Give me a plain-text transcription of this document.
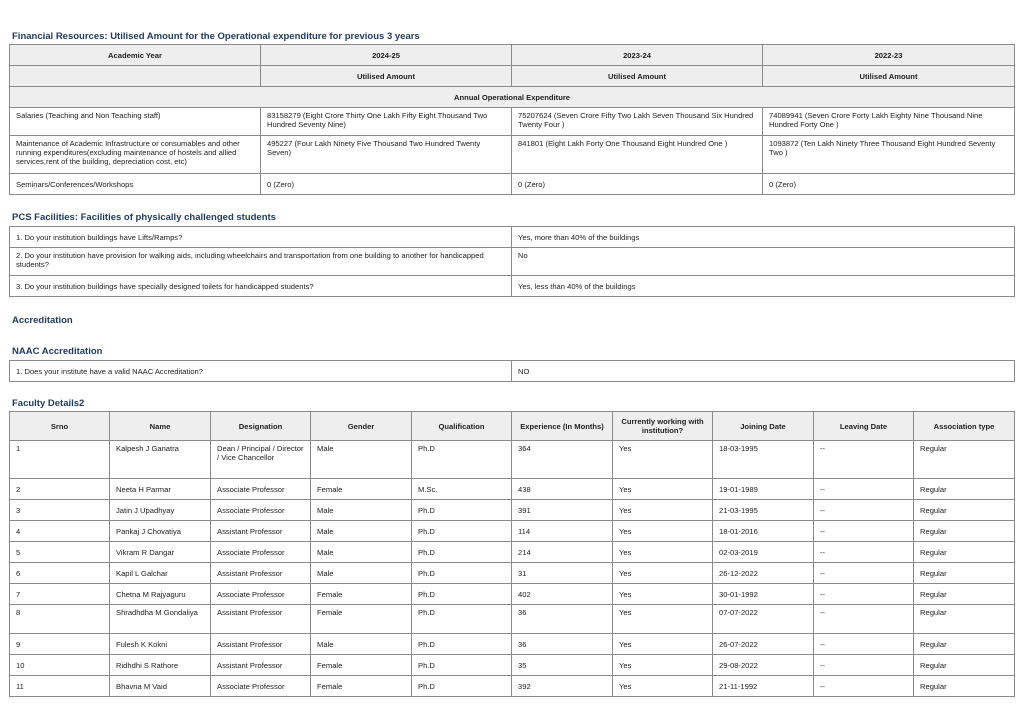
Financial Resources: Utilised Amount for the Operational expenditure for previous 3 years
Academic Year	2024-25	2023-24	2022-23
	Utilised Amount	Utilised Amount	Utilised Amount
Annual Operational Expenditure			
Salaries (Teaching and Non Teaching staff)	83158279 (Eight Crore Thirty One Lakh Fifty Eight Thousand Two Hundred Seventy Nine)	75207624 (Seven Crore Fifty Two Lakh Seven Thousand Six Hundred Twenty Four )	74089941 (Seven Crore Forty Lakh Eighty Nine Thousand Nine Hundred Forty One )
Maintenance of Academic Infrastructure or consumables and other running expenditures(excluding maintenance of hostels and allied services,rent of the building, depreciation cost, etc)	495227 (Four Lakh Ninety Five Thousand Two Hundred Twenty Seven)	841801 (Eight Lakh Forty One Thousand Eight Hundred One )	1093872 (Ten Lakh Ninety Three Thousand Eight Hundred Seventy Two )
Seminars/Conferences/Workshops	0 (Zero)	0 (Zero)	0 (Zero)
PCS Facilities: Facilities of physically challenged students
1. Do your institution buildings have Lifts/Ramps?	Yes, more than 40% of the buildings
2. Do your institution have provision for walking aids, including wheelchairs and transportation from one building to another for handicapped students?	No
3. Do your institution buildings have specially designed toilets for handicapped students?	Yes, less than 40% of the buildings
Accreditation
NAAC Accreditation
1. Does your institute have a valid NAAC Accreditation?	NO
Faculty Details2
Srno	Name	Designation	Gender	Qualification	Experience (In Months)	Currently working with institution?	Joining Date	Leaving Date	Association type
1	Kalpesh J Ganatra	Dean / Principal / Director / Vice Chancellor	Male	Ph.D	364	Yes	18-03-1995	--	Regular
2	Neeta H Parmar	Associate Professor	Female	M.Sc.	438	Yes	19-01-1989	--	Regular
3	Jatin J Upadhyay	Associate Professor	Male	Ph.D	391	Yes	21-03-1995	--	Regular
4	Pankaj J Chovatiya	Assistant Professor	Male	Ph.D	114	Yes	18-01-2016	--	Regular
5	Vikram R Dangar	Associate Professor	Male	Ph.D	214	Yes	02-03-2019	--	Regular
6	Kapil L Galchar	Assistant Professor	Male	Ph.D	31	Yes	26-12-2022	--	Regular
7	Chetna M Rajyaguru	Associate Professor	Female	Ph.D	402	Yes	30-01-1992	--	Regular
8	Shradhdha M Gondaliya	Assistant Professor	Female	Ph.D	36	Yes	07-07-2022	--	Regular
9	Fulesh K Kokni	Assistant Professor	Male	Ph.D	36	Yes	26-07-2022	--	Regular
10	Ridhdhi S Rathore	Assistant Professor	Female	Ph.D	35	Yes	29-08-2022	--	Regular
11	Bhavna M Vaid	Associate Professor	Female	Ph.D	392	Yes	21-11-1992	--	Regular
